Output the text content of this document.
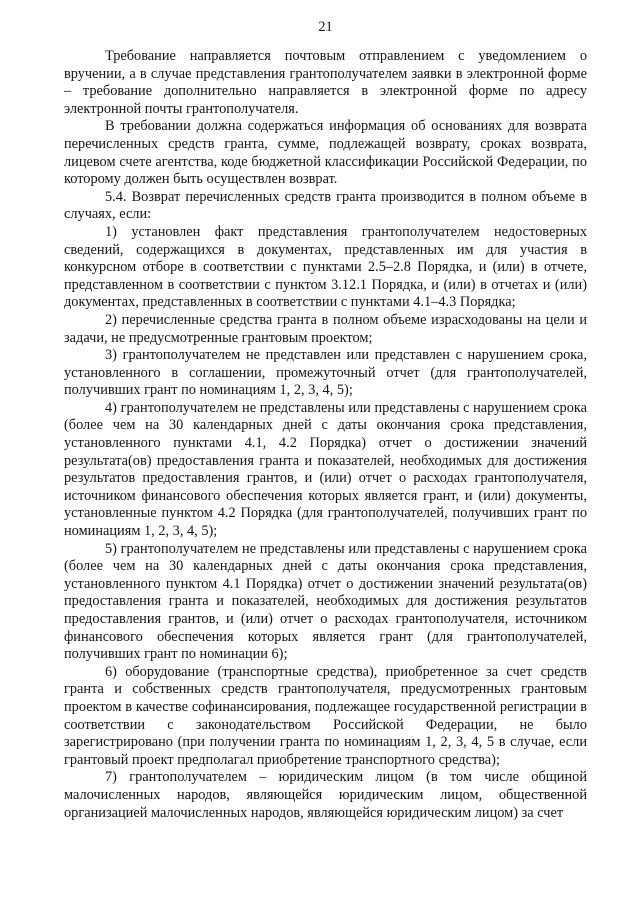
21

Требование направляется почтовым отправлением с уведомлением о вручении, а в случае представления грантополучателем заявки в электронной форме – требование дополнительно направляется в электронной форме по адресу электронной почты грантополучателя.

В требовании должна содержаться информация об основаниях для возврата перечисленных средств гранта, сумме, подлежащей возврату, сроках возврата, лицевом счете агентства, коде бюджетной классификации Российской Федерации, по которому должен быть осуществлен возврат.

5.4. Возврат перечисленных средств гранта производится в полном объеме в случаях, если:

1) установлен факт представления грантополучателем недостоверных сведений, содержащихся в документах, представленных им для участия в конкурсном отборе в соответствии с пунктами 2.5–2.8 Порядка, и (или) в отчете, представленном в соответствии с пунктом 3.12.1 Порядка, и (или) в отчетах и (или) документах, представленных в соответствии с пунктами 4.1–4.3 Порядка;

2) перечисленные средства гранта в полном объеме израсходованы на цели и задачи, не предусмотренные грантовым проектом;

3) грантополучателем не представлен или представлен с нарушением срока, установленного в соглашении, промежуточный отчет (для грантополучателей, получивших грант по номинациям 1, 2, 3, 4, 5);

4) грантополучателем не представлены или представлены с нарушением срока (более чем на 30 календарных дней с даты окончания срока представления, установленного пунктами 4.1, 4.2 Порядка) отчет о достижении значений результата(ов) предоставления гранта и показателей, необходимых для достижения результатов предоставления грантов, и (или) отчет о расходах грантополучателя, источником финансового обеспечения которых является грант, и (или) документы, установленные пунктом 4.2 Порядка (для грантополучателей, получивших грант по номинациям 1, 2, 3, 4, 5);

5) грантополучателем не представлены или представлены с нарушением срока (более чем на 30 календарных дней с даты окончания срока представления, установленного пунктом 4.1 Порядка) отчет о достижении значений результата(ов) предоставления гранта и показателей, необходимых для достижения результатов предоставления грантов, и (или) отчет о расходах грантополучателя, источником финансового обеспечения которых является грант (для грантополучателей, получивших грант по номинации 6);

6) оборудование (транспортные средства), приобретенное за счет средств гранта и собственных средств грантополучателя, предусмотренных грантовым проектом в качестве софинансирования, подлежащее государственной регистрации в соответствии с законодательством Российской Федерации, не было зарегистрировано (при получении гранта по номинациям 1, 2, 3, 4, 5 в случае, если грантовый проект предполагал приобретение транспортного средства);

7) грантополучателем – юридическим лицом (в том числе общиной малочисленных народов, являющейся юридическим лицом, общественной организацией малочисленных народов, являющейся юридическим лицом) за счет
